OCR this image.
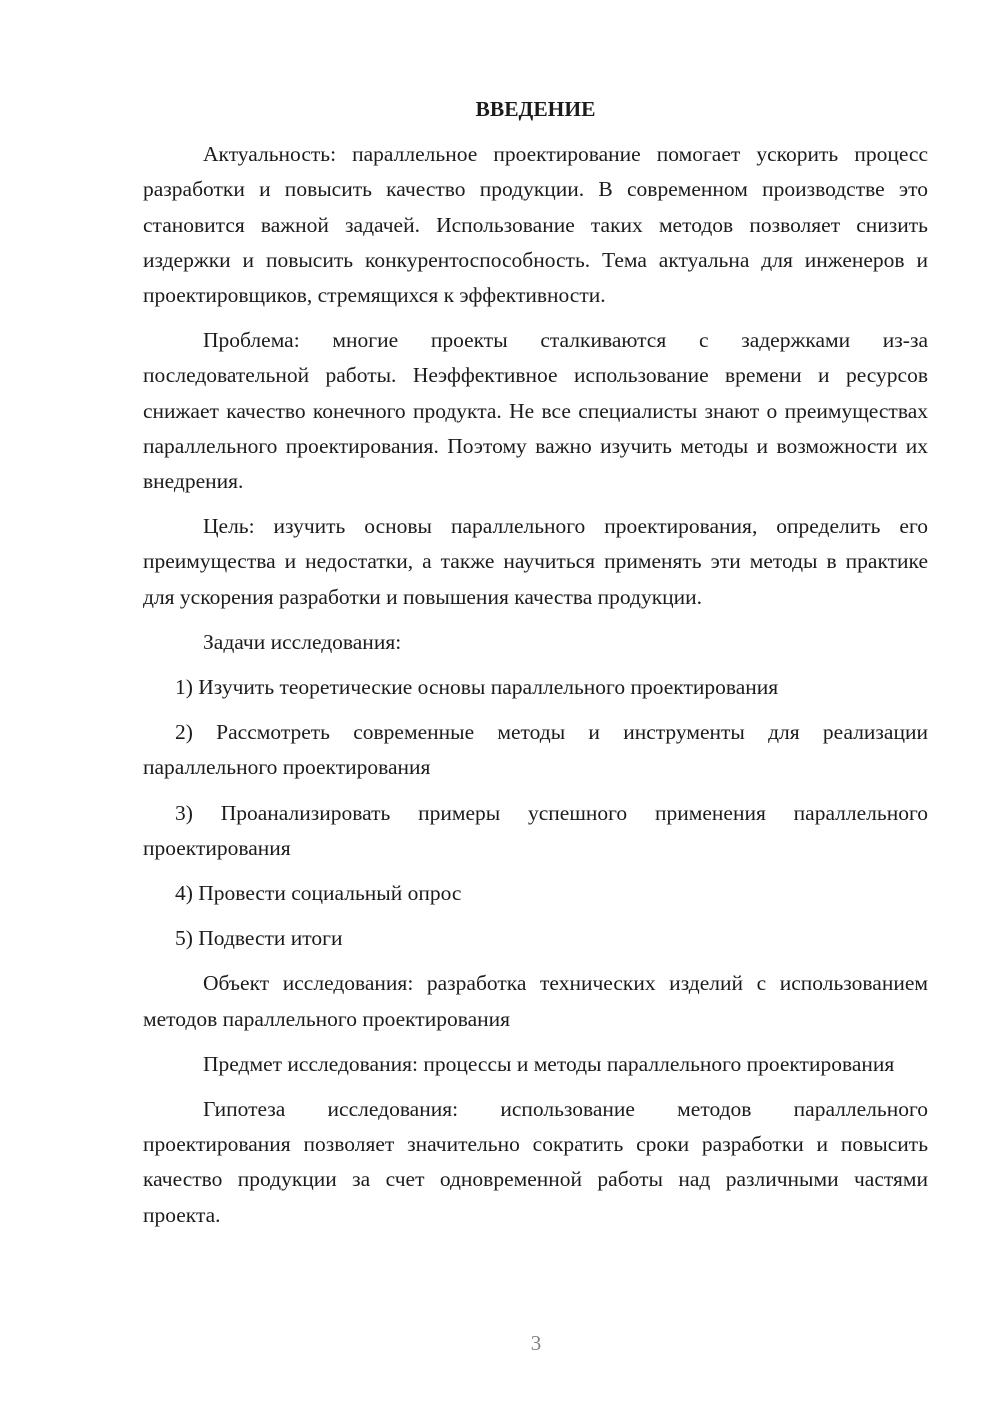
ВВЕДЕНИЕ

Актуальность: параллельное проектирование помогает ускорить процесс разработки и повысить качество продукции. В современном производстве это становится важной задачей. Использование таких методов позволяет снизить издержки и повысить конкурентоспособность. Тема актуальна для инженеров и проектировщиков, стремящихся к эффективности.

Проблема: многие проекты сталкиваются с задержками из-за последовательной работы. Неэффективное использование времени и ресурсов снижает качество конечного продукта. Не все специалисты знают о преимуществах параллельного проектирования. Поэтому важно изучить методы и возможности их внедрения.

Цель: изучить основы параллельного проектирования, определить его преимущества и недостатки, а также научиться применять эти методы в практике для ускорения разработки и повышения качества продукции.

Задачи исследования:

1) Изучить теоретические основы параллельного проектирования

2) Рассмотреть современные методы и инструменты для реализации параллельного проектирования

3) Проанализировать примеры успешного применения параллельного проектирования

4) Провести социальный опрос

5) Подвести итоги

Объект исследования: разработка технических изделий с использованием методов параллельного проектирования

Предмет исследования: процессы и методы параллельного проектирования

Гипотеза исследования: использование методов параллельного проектирования позволяет значительно сократить сроки разработки и повысить качество продукции за счет одновременной работы над различными частями проекта.

3
